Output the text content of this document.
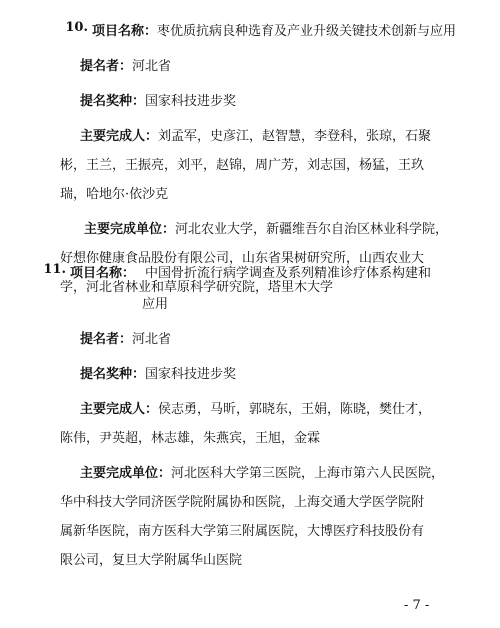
10. 项目名称： 枣优质抗病良种选育及产业升级关键技术创新与应用
提名者：河北省
提名奖种：国家科技进步奖
主要完成人：刘孟军，史彦江，赵智慧，李登科，张琼，石聚
彬，王兰，王振亮，刘平，赵锦，周广芳，刘志国，杨猛，王玖
瑞，哈地尔·依沙克
主要完成单位：河北农业大学，新疆维吾尔自治区林业科学院，
好想你健康食品股份有限公司，山东省果树研究所，山西农业大
学，河北省林业和草原科学研究院，塔里木大学
11. 项目名称： 中国骨折流行病学调查及系列精准诊疗体系构建和
应用
提名者：河北省
提名奖种：国家科技进步奖
主要完成人：侯志勇，马昕，郭晓东，王娟，陈晓，樊仕才，
陈伟，尹英超，林志雄，朱燕宾，王旭，金霖
主要完成单位：河北医科大学第三医院，上海市第六人民医院，
华中科技大学同济医学院附属协和医院，上海交通大学医学院附
属新华医院，南方医科大学第三附属医院，大博医疗科技股份有
限公司，复旦大学附属华山医院
- 7 -
